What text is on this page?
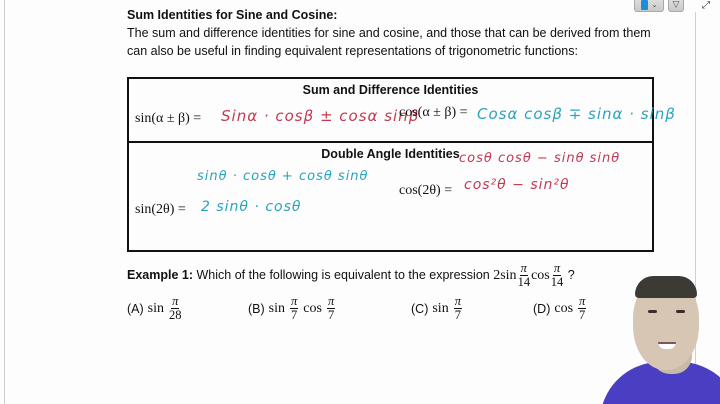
⌄ ▽ ⤢
Sum Identities for Sine and Cosine:
The sum and difference identities for sine and cosine, and those that can be derived from them can also be useful in finding equivalent representations of trigonometric functions:
Sum and Difference Identities
sin(α ± β) = Sinα · cosβ ± cosα sinβ
cos(α ± β) = Cosα cosβ ∓ sinα · sinβ
Double Angle Identities
sinθ · cosθ + cosθ sinθ
sin(2θ) = 2 sinθ · cosθ
cos(2θ) =
cosθ cosθ − sinθ sinθ
cos²θ − sin²θ
Example 1: Which of the following is equivalent to the expression $2\sin \frac{\pi}{14}$ $\cos \frac{\pi}{14}$ ?
(A) $\sin \frac{\pi}{28}$	(B) $\sin \frac{\pi}{7}$ $\cos \frac{\pi}{7}$	(C) $\sin \frac{\pi}{7}$	(D) $\cos \frac{\pi}{7}$
